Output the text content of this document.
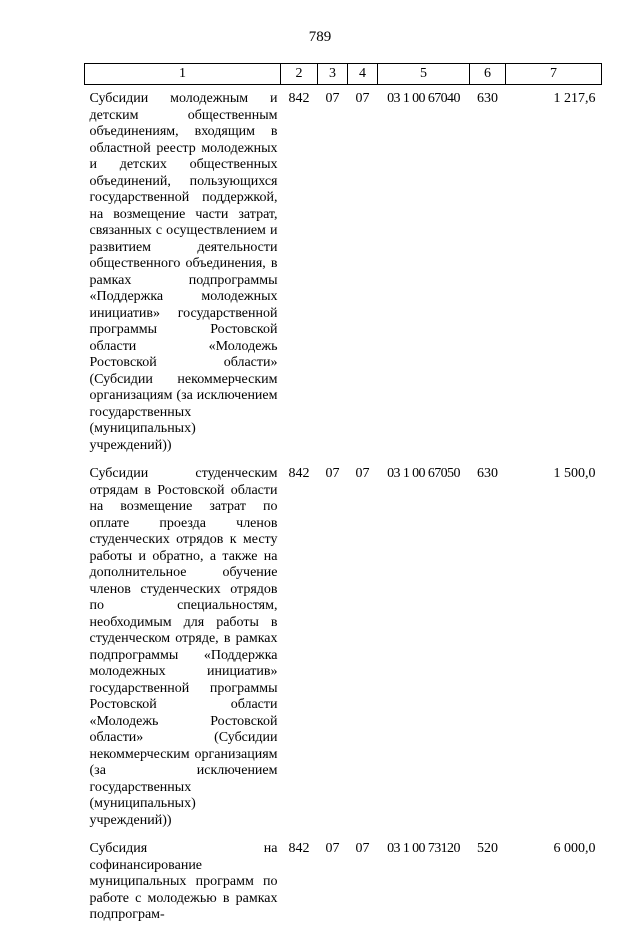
789
1	2	3	4	5	6	7
Субсидии молодежным и детским общественным объединениям, входящим в областной реестр молодежных и детских общественных объединений, пользующихся государственной поддержкой, на возмещение части затрат, связанных с осуществлением и развитием деятельности общественного объединения, в рамках подпрограммы «Поддержка молодежных инициатив» государственной программы Ростовской области «Молодежь Ростовской области» (Субсидии некоммерческим организациям (за исключением государственных (муниципальных) учреждений))	842	07	07	03 1 00 67040	630	1 217,6
Субсидии студенческим отрядам в Ростовской области на возмещение затрат по оплате проезда членов студенческих отрядов к месту работы и обратно, а также на дополнительное обучение членов студенческих отрядов по специальностям, необходимым для работы в студенческом отряде, в рамках подпрограммы «Поддержка молодежных инициатив» государственной программы Ростовской области «Молодежь Ростовской области» (Субсидии некоммерческим организациям (за исключением государственных (муниципальных) учреждений))	842	07	07	03 1 00 67050	630	1 500,0
Субсидия на софинансирование муниципальных программ по работе с молодежью в рамках подпрограм-	842	07	07	03 1 00 73120	520	6 000,0
